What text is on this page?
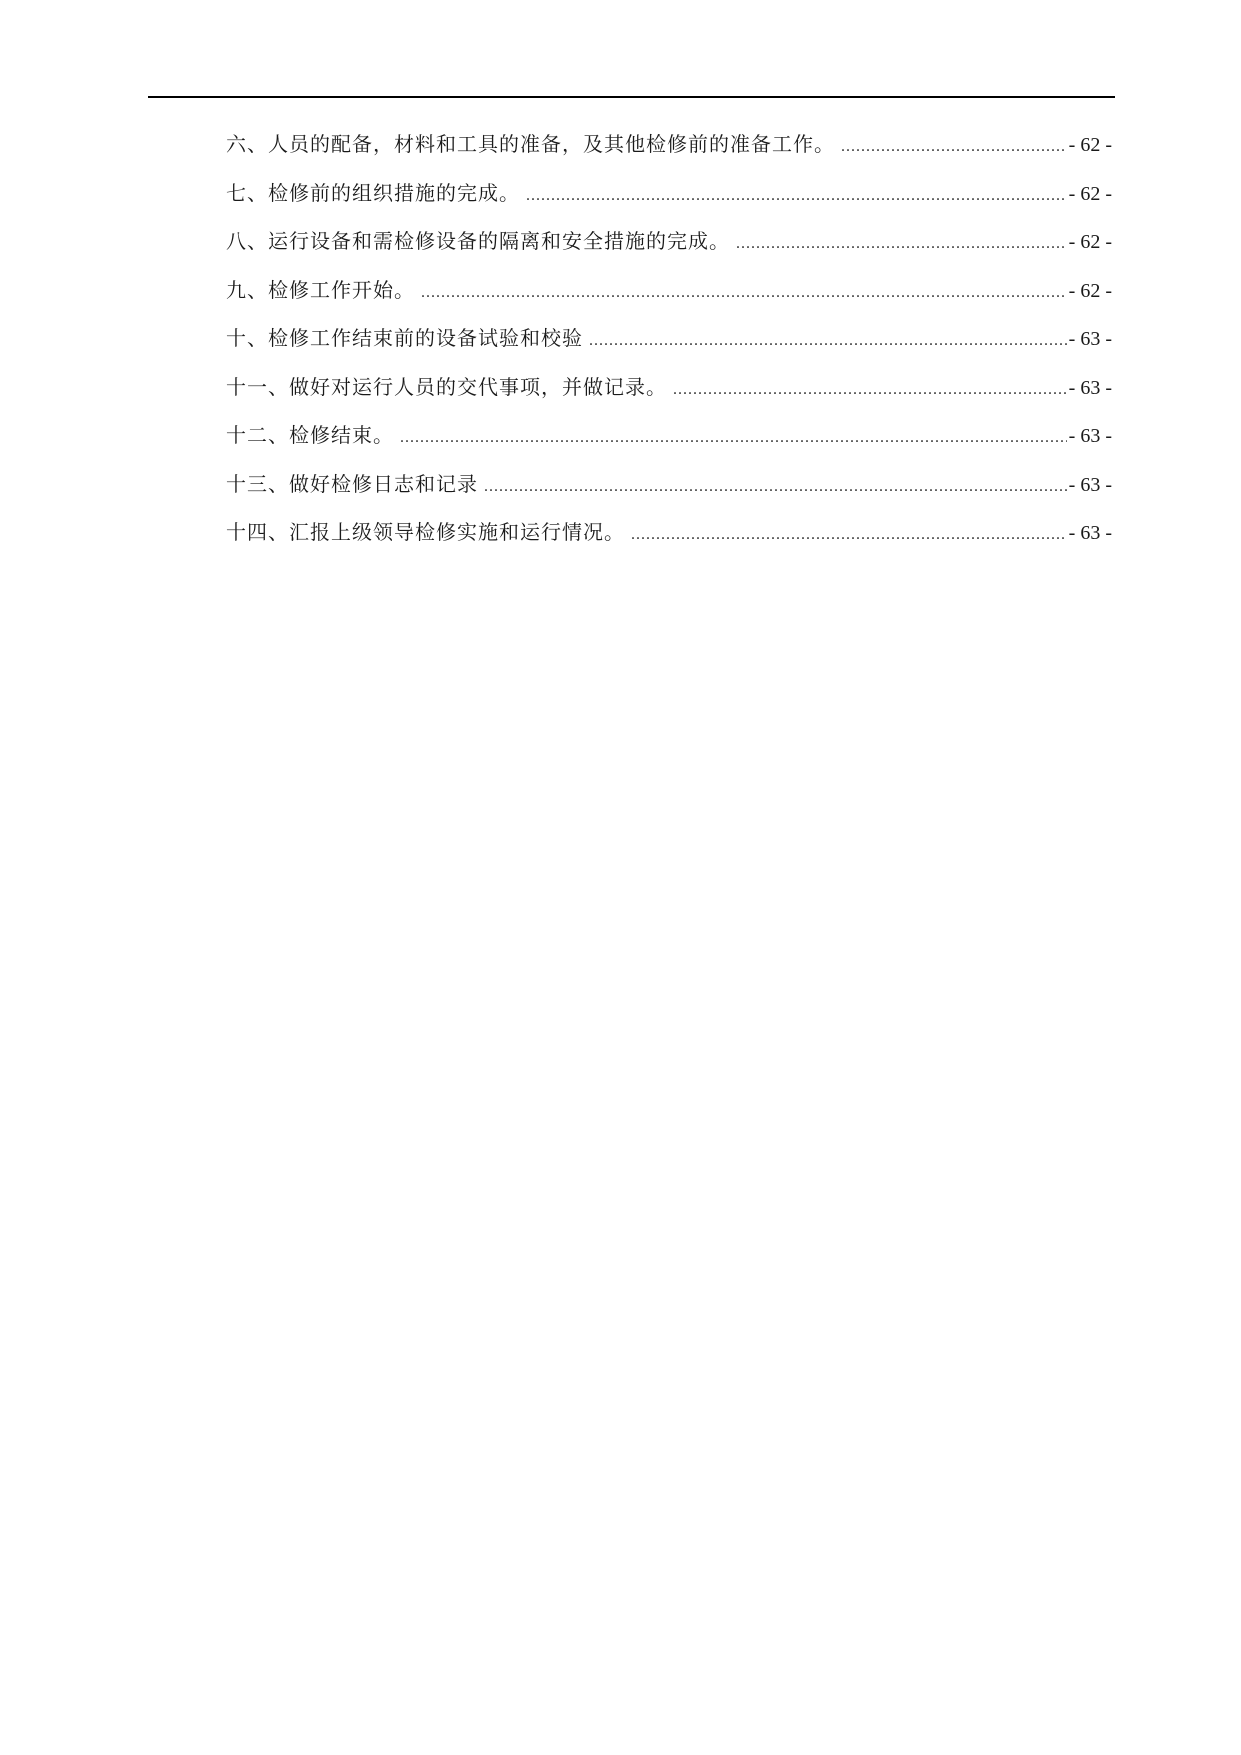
六、人员的配备，材料和工具的准备，及其他检修前的准备工作。 .....	- 62 -
七、检修前的组织措施的完成。 .....	- 62 -
八、运行设备和需检修设备的隔离和安全措施的完成。 .....	- 62 -
九、检修工作开始。 .....	- 62 -
十、检修工作结束前的设备试验和校验 .....	- 63 -
十一、做好对运行人员的交代事项，并做记录。 .....	- 63 -
十二、检修结束。 .....	- 63 -
十三、做好检修日志和记录 .....	- 63 -
十四、汇报上级领导检修实施和运行情况。 .....	- 63 -
